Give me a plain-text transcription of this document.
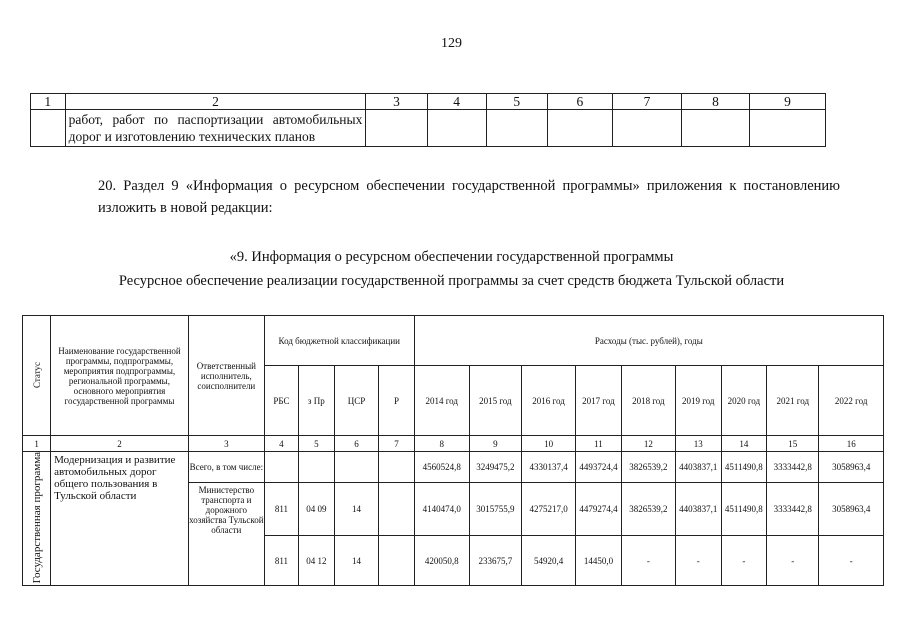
129
1	2	3	4	5	6	7	8	9
	работ, работ по паспортизации автомобильных дорог и изготовлению технических планов							
20. Раздел 9 «Информация о ресурсном обеспечении государственной программы» приложения к постановлению изложить в новой редакции:
«9. Информация о ресурсном обеспечении государственной программы
Ресурсное обеспечение реализации государственной программы за счет средств бюджета Тульской области
Статус	Наименование государственной программы, подпрограммы, мероприятия подпрограммы, региональной программы, основного мероприятия государственной программы	Ответственный исполнитель, соисполнители	Код бюджетной классификации				Расходы (тыс. рублей), годы								
			РБС	з Пр	ЦСР	Р	2014 год	2015 год	2016 год	2017 год	2018 год	2019 год	2020 год	2021 год	2022 год
1	2	3	4	5	6	7	8	9	10	11	12	13	14	15	16
Государственная программа	Модернизация и развитие автомобильных дорог общего пользования в Тульской области	Всего, в том числе:					4560524,8	3249475,2	4330137,4	4493724,4	3826539,2	4403837,1	4511490,8	3333442,8	3058963,4
		Министерство транспорта и дорожного хозяйства Тульской области	811	04 09	14		4140474,0	3015755,9	4275217,0	4479274,4	3826539,2	4403837,1	4511490,8	3333442,8	3058963,4
			811	04 12	14		420050,8	233675,7	54920,4	14450,0	-	-	-	-	-
